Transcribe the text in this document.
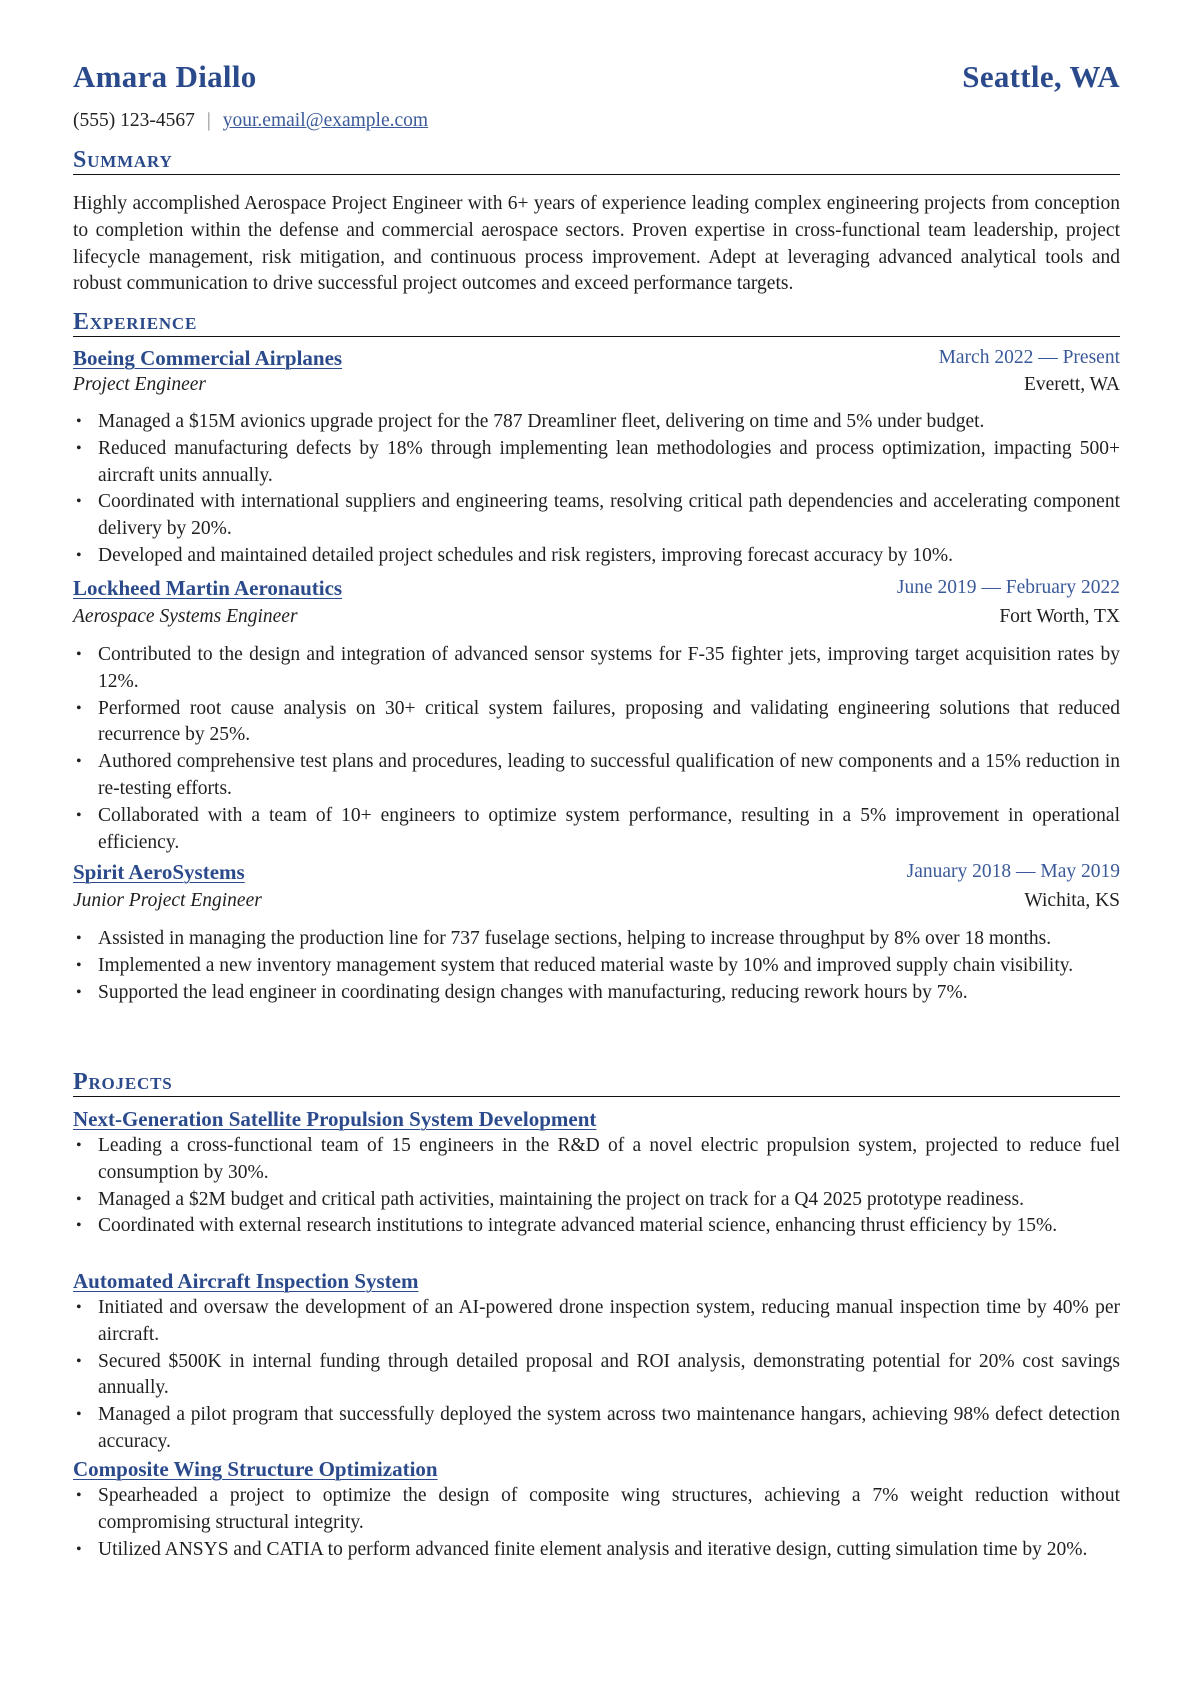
Amara Diallo	Seattle, WA
(555) 123-4567 | your.email@example.com
Summary
Highly accomplished Aerospace Project Engineer with 6+ years of experience leading complex engineering projects from conception to completion within the defense and commercial aerospace sectors. Proven expertise in cross-functional team leadership, project lifecycle management, risk mitigation, and continuous process improvement. Adept at leveraging advanced analytical tools and robust communication to drive successful project outcomes and exceed performance targets.
Experience
Boeing Commercial Airplanes	March 2022 — Present
Project Engineer	Everett, WA
• Managed a $15M avionics upgrade project for the 787 Dreamliner fleet, delivering on time and 5% under budget.
• Reduced manufacturing defects by 18% through implementing lean methodologies and process optimization, impacting 500+ aircraft units annually.
• Coordinated with international suppliers and engineering teams, resolving critical path dependencies and accelerating component delivery by 20%.
• Developed and maintained detailed project schedules and risk registers, improving forecast accuracy by 10%.
Lockheed Martin Aeronautics	June 2019 — February 2022
Aerospace Systems Engineer	Fort Worth, TX
• Contributed to the design and integration of advanced sensor systems for F-35 fighter jets, improving target acquisition rates by 12%.
• Performed root cause analysis on 30+ critical system failures, proposing and validating engineering solutions that reduced recurrence by 25%.
• Authored comprehensive test plans and procedures, leading to successful qualification of new components and a 15% reduction in re-testing efforts.
• Collaborated with a team of 10+ engineers to optimize system performance, resulting in a 5% improvement in operational efficiency.
Spirit AeroSystems	January 2018 — May 2019
Junior Project Engineer	Wichita, KS
• Assisted in managing the production line for 737 fuselage sections, helping to increase throughput by 8% over 18 months.
• Implemented a new inventory management system that reduced material waste by 10% and improved supply chain visibility.
• Supported the lead engineer in coordinating design changes with manufacturing, reducing rework hours by 7%.
Projects
Next-Generation Satellite Propulsion System Development
• Leading a cross-functional team of 15 engineers in the R&D of a novel electric propulsion system, projected to reduce fuel consumption by 30%.
• Managed a $2M budget and critical path activities, maintaining the project on track for a Q4 2025 prototype readiness.
• Coordinated with external research institutions to integrate advanced material science, enhancing thrust efficiency by 15%.
Automated Aircraft Inspection System
• Initiated and oversaw the development of an AI-powered drone inspection system, reducing manual inspection time by 40% per aircraft.
• Secured $500K in internal funding through detailed proposal and ROI analysis, demonstrating potential for 20% cost savings annually.
• Managed a pilot program that successfully deployed the system across two maintenance hangars, achieving 98% defect detection accuracy.
Composite Wing Structure Optimization
• Spearheaded a project to optimize the design of composite wing structures, achieving a 7% weight reduction without compromising structural integrity.
• Utilized ANSYS and CATIA to perform advanced finite element analysis and iterative design, cutting simulation time by 20%.
